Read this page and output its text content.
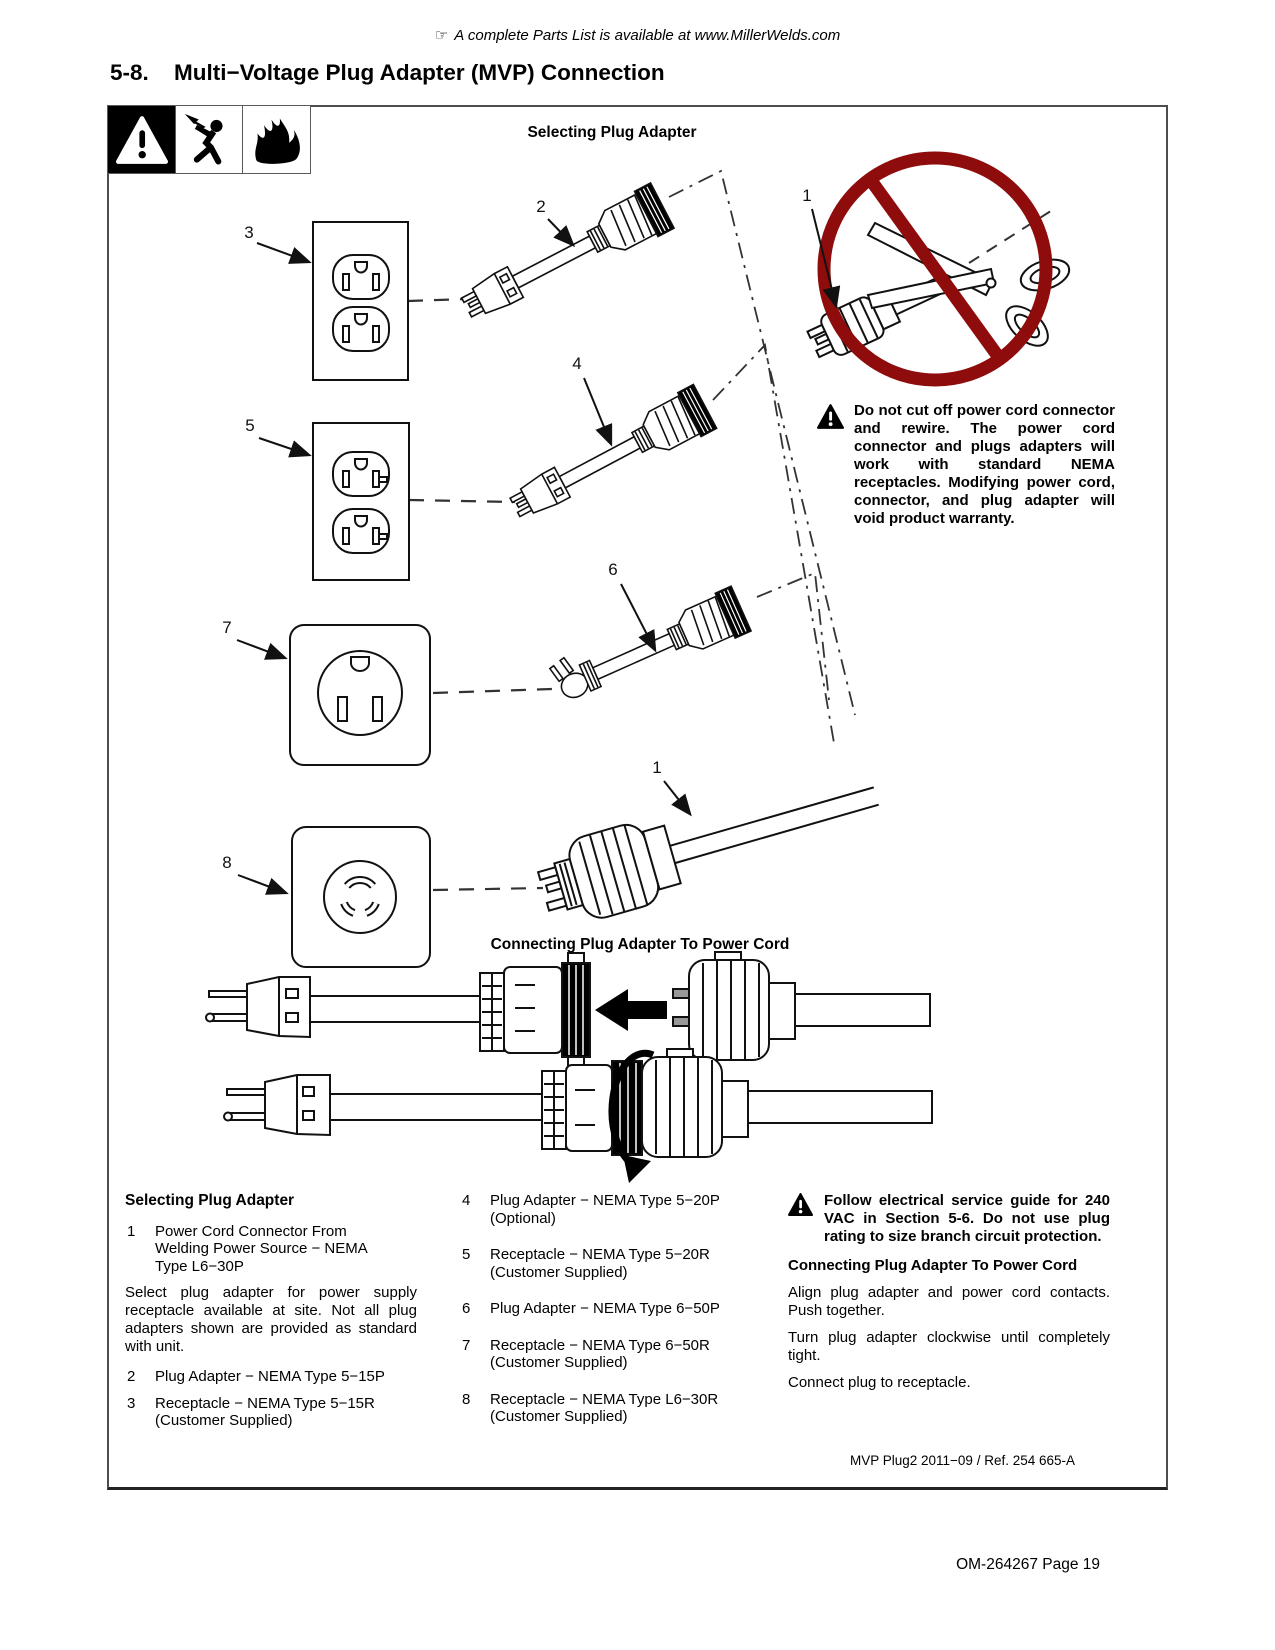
☞ A complete Parts List is available at www.MillerWelds.com
5-8.	Multi−Voltage Plug Adapter (MVP) Connection
3
2
1
5
4
6
7
1
8
Selecting Plug Adapter
Connecting Plug Adapter To Power Cord
Do not cut off power cord connector and rewire. The power cord connector and plugs adapters will work with standard NEMA receptacles. Modifying power cord, connector, and plug adapter will void product warranty.

Selecting Plug Adapter

1 Power Cord Connector From
Welding Power Source − NEMA
Type L6−30P
Select plug adapter for power supply receptacle available at site. Not all plug adapters shown are provided as standard with unit.
2 Plug Adapter − NEMA Type 5−15P
3 Receptacle − NEMA Type 5−15R
(Customer Supplied)
4 Plug Adapter − NEMA Type 5−20P
(Optional)
5 Receptacle − NEMA Type 5−20R
(Customer Supplied)
6 Plug Adapter − NEMA Type 6−50P
7 Receptacle − NEMA Type 6−50R
(Customer Supplied)
8 Receptacle − NEMA Type L6−30R
(Customer Supplied)
Follow electrical service guide for 240 VAC in Section 5-6. Do not use plug rating to size branch circuit protection.

Connecting Plug Adapter To Power Cord

Align plug adapter and power cord contacts. Push together.

Turn plug adapter clockwise until completely tight.

Connect plug to receptacle.

MVP Plug2 2011−09 / Ref. 254 665-A
OM-264267 Page 19
